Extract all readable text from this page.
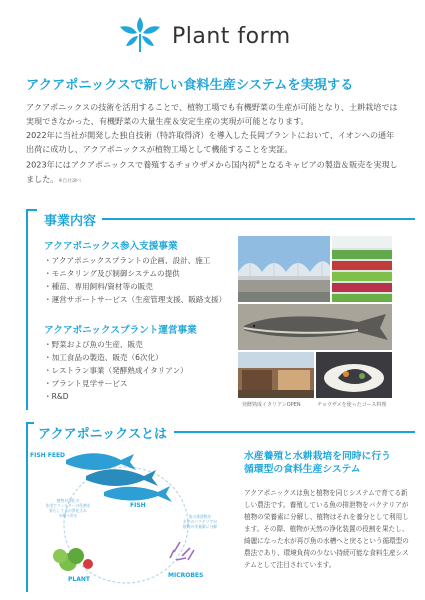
Plant form
アクアポニックスで新しい食料生産システムを実現する

アクアポニックスの技術を活用することで、植物工場でも有機野菜の生産が可能となり、土耕栽培では実現できなかった、有機野菜の大量生産＆安定生産の実現が可能となります。

2022年に当社が開発した独自技術（特許取得済）を導入した長岡プラントにおいて、イオンへの通年出荷に成功し、アクアポニックスが植物工場として機能することを実証。

2023年にはアクアポニックスで養殖するチョウザメから国内初※となるキャビアの製造＆販売を実現しました。※自社調べ

事業内容
アクアポニックス参入支援事業
・アクアポニックスプラントの企画、設計、施工
・モニタリング及び制御システムの提供
・種苗、専用飼料/資材等の販売
・運営サポートサービス（生産管理支援、販路支援）
アクアポニックスプラント運営事業
・野菜および魚の生産、販売
・加工食品の製造、販売（6次化）
・レストラン事業（発酵熟成イタリアン）
・プラント見学サービス
・R&D
発酵熟成イタリアンOPEN	チョウザメを使ったコース料理
アクアポニックスとは
FISH FEED
FISH
PLANT
MICROBES
植物が浄化の
作用でフィルターの役割を
果たして水が浄化され
水槽へ戻る	魚の排泄物を
水中のバクテリアが
植物の栄養素に分解
水産養殖と水耕栽培を同時に行う
循環型の食料生産システム
アクアポニックスは魚と植物を同じシステムで育てる新しい農法です。養殖している魚の排泄物をバクテリアが植物の栄養素に分解し、植物はそれを養分として利用します。その際、植物が天然の浄化装置の役割を果たし、綺麗になった水が再び魚の水槽へと戻るという循環型の農法であり、環境負荷の少ない持続可能な食料生産システムとして注目されています。
